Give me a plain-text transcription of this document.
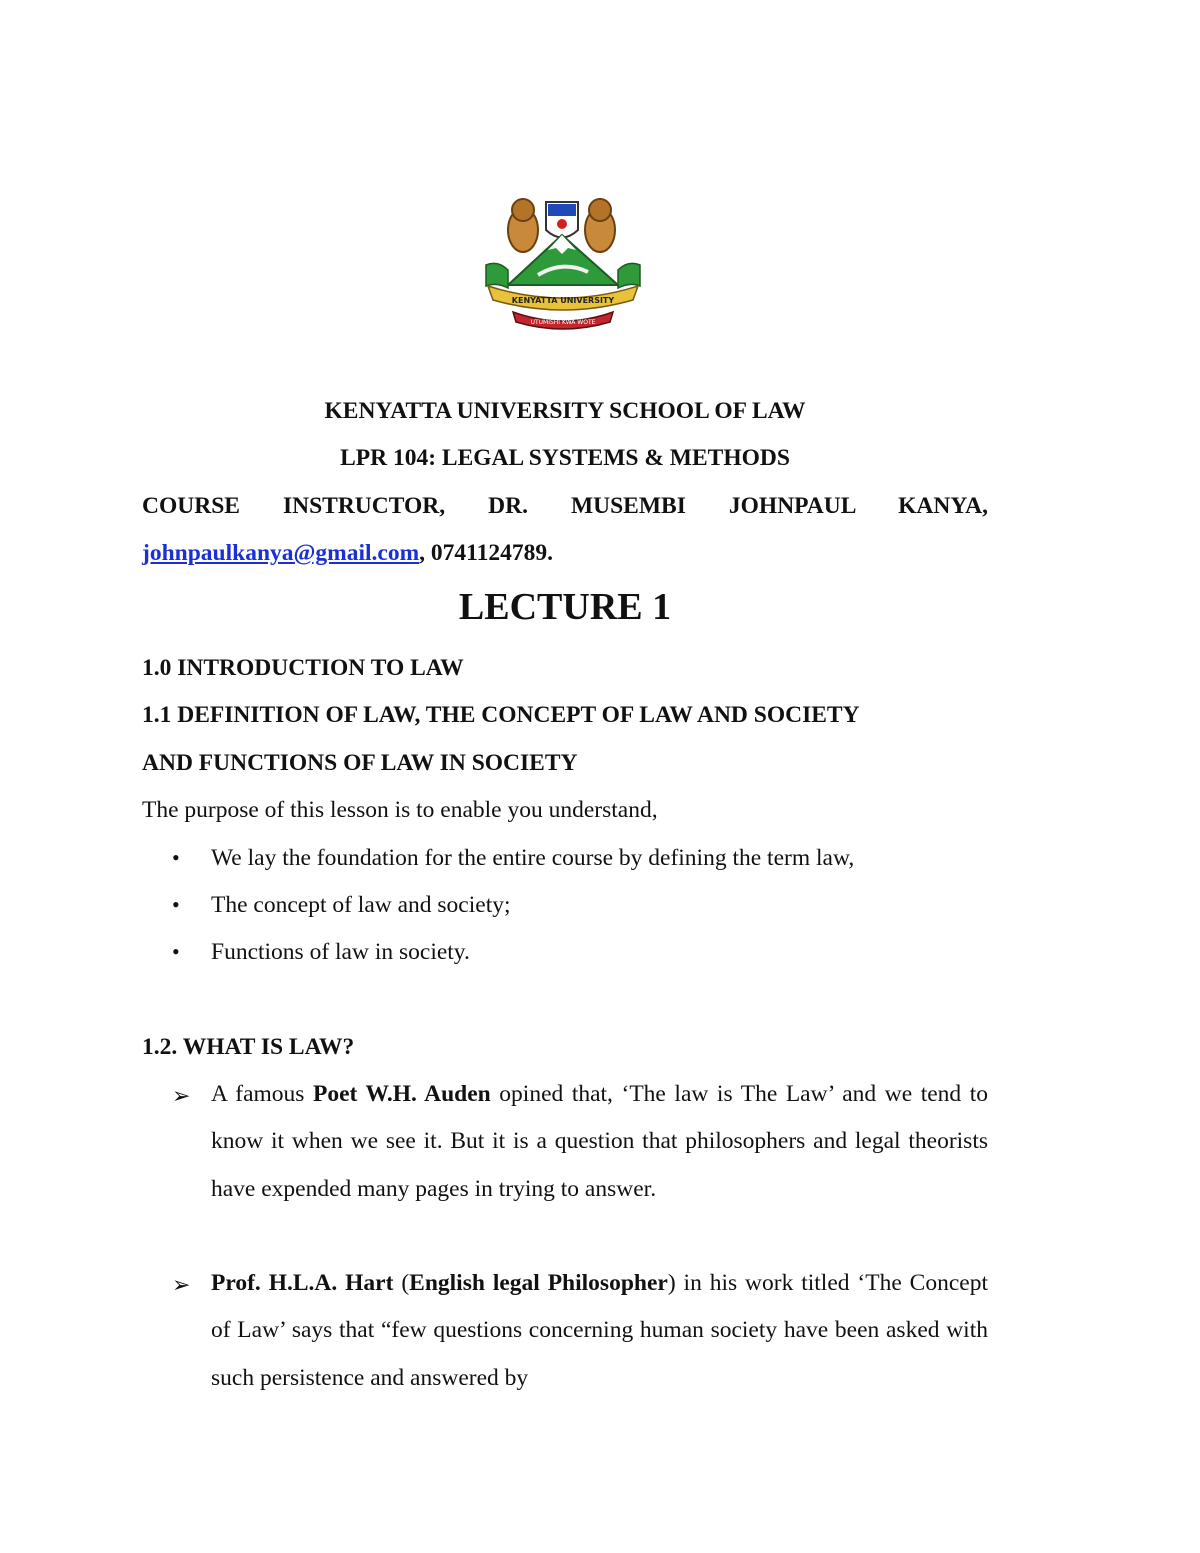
KENYATTA UNIVERSITY
UTUMISHI KWA WOTE
KENYATTA UNIVERSITY SCHOOL OF LAW
LPR 104: LEGAL SYSTEMS & METHODS
COURSE INSTRUCTOR, DR. MUSEMBI JOHNPAUL KANYA,
johnpaulkanya@gmail.com, 0741124789.
LECTURE 1
1.0 INTRODUCTION TO LAW
1.1 DEFINITION OF LAW, THE CONCEPT OF LAW AND SOCIETY
AND FUNCTIONS OF LAW IN SOCIETY
The purpose of this lesson is to enable you understand,
•	We lay the foundation for the entire course by defining the term law,
•	The concept of law and society;
•	Functions of law in society.
1.2. WHAT IS LAW?
➢ A famous Poet W.H. Auden opined that, ‘The law is The Law’ and we tend to know it when we see it. But it is a question that philosophers and legal theorists have expended many pages in trying to answer.
➢ Prof. H.L.A. Hart (English legal Philosopher) in his work titled ‘The Concept of Law’ says that “few questions concerning human society have been asked with such persistence and answered by
